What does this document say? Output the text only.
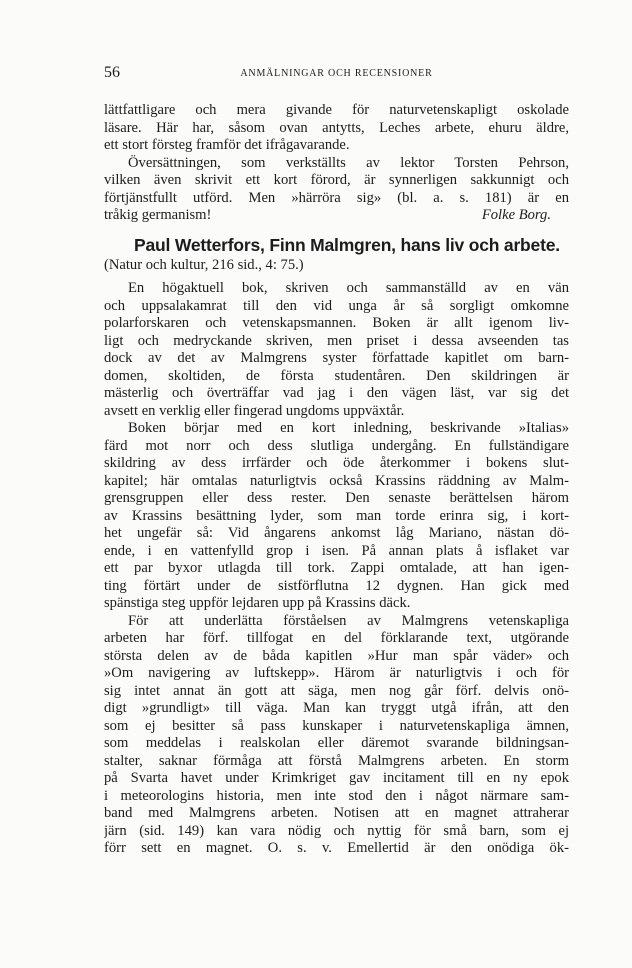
56	ANMÄLNINGAR OCH RECENSIONER
lättfattligare och mera givande för naturvetenskapligt oskolade
läsare. Här har, såsom ovan antytts, Leches arbete, ehuru äldre,
ett stort försteg framför det ifrågavarande.
Översättningen, som verkställts av lektor Torsten Pehrson,
vilken även skrivit ett kort förord, är synnerligen sakkunnigt och
förtjänstfullt utförd. Men »härröra sig» (bl. a. s. 181) är en
tråkig germanism!	Folke Borg.
Paul Wetterfors, Finn Malmgren, hans liv och arbete.
(Natur och kultur, 216 sid., 4: 75.)
En högaktuell bok, skriven och sammanställd av en vän
och uppsalakamrat till den vid unga år så sorgligt omkomne
polarforskaren och vetenskapsmannen. Boken är allt igenom liv-
ligt och medryckande skriven, men priset i dessa avseenden tas
dock av det av Malmgrens syster författade kapitlet om barn-
domen, skoltiden, de första studentåren. Den skildringen är
mästerlig och överträffar vad jag i den vägen läst, var sig det
avsett en verklig eller fingerad ungdoms uppväxtår.
Boken börjar med en kort inledning, beskrivande »Italias»
färd mot norr och dess slutliga undergång. En fullständigare
skildring av dess irrfärder och öde återkommer i bokens slut-
kapitel; här omtalas naturligtvis också Krassins räddning av Malm-
grensgruppen eller dess rester. Den senaste berättelsen härom
av Krassins besättning lyder, som man torde erinra sig, i kort-
het ungefär så: Vid ångarens ankomst låg Mariano, nästan dö-
ende, i en vattenfylld grop i isen. På annan plats å isflaket var
ett par byxor utlagda till tork. Zappi omtalade, att han igen-
ting förtärt under de sistförflutna 12 dygnen. Han gick med
spänstiga steg uppför lejdaren upp på Krassins däck.
För att underlätta förståelsen av Malmgrens vetenskapliga
arbeten har förf. tillfogat en del förklarande text, utgörande
största delen av de båda kapitlen »Hur man spår väder» och
»Om navigering av luftskepp». Härom är naturligtvis i och för
sig intet annat än gott att säga, men nog går förf. delvis onö-
digt »grundligt» till väga. Man kan tryggt utgå ifrån, att den
som ej besitter så pass kunskaper i naturvetenskapliga ämnen,
som meddelas i realskolan eller däremot svarande bildningsan-
stalter, saknar förmåga att förstå Malmgrens arbeten. En storm
på Svarta havet under Krimkriget gav incitament till en ny epok
i meteorologins historia, men inte stod den i något närmare sam-
band med Malmgrens arbeten. Notisen att en magnet attraherar
järn (sid. 149) kan vara nödig och nyttig för små barn, som ej
förr sett en magnet. O. s. v. Emellertid är den onödiga ök-
